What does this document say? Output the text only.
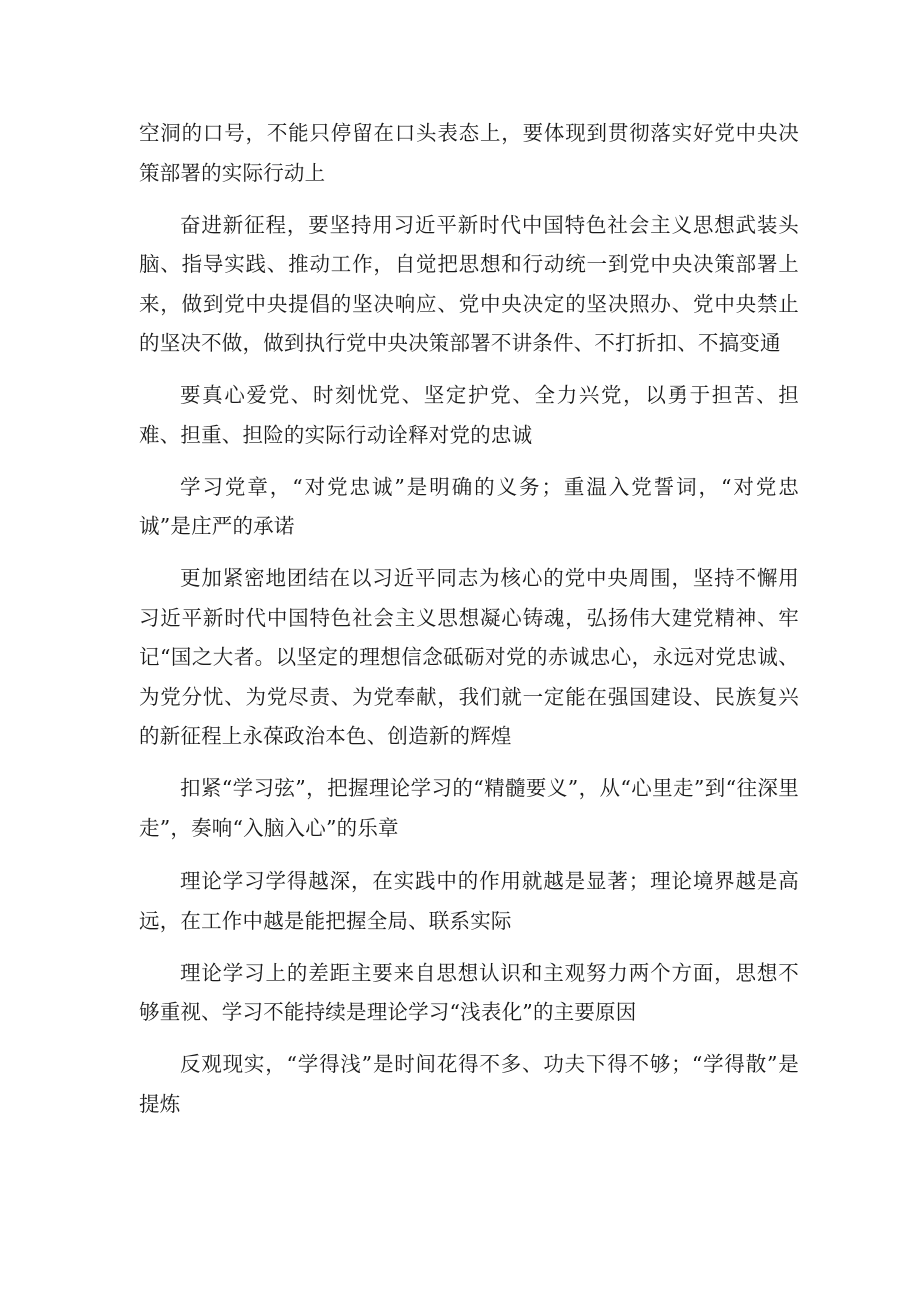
空洞的口号，不能只停留在口头表态上，要体现到贯彻落实好党中央决策部署的实际行动上

奋进新征程，要坚持用习近平新时代中国特色社会主义思想武装头脑、指导实践、推动工作，自觉把思想和行动统一到党中央决策部署上来，做到党中央提倡的坚决响应、党中央决定的坚决照办、党中央禁止的坚决不做，做到执行党中央决策部署不讲条件、不打折扣、不搞变通

要真心爱党、时刻忧党、坚定护党、全力兴党，以勇于担苦、担难、担重、担险的实际行动诠释对党的忠诚

学习党章，“对党忠诚”是明确的义务；重温入党誓词，“对党忠诚”是庄严的承诺

更加紧密地团结在以习近平同志为核心的党中央周围，坚持不懈用习近平新时代中国特色社会主义思想凝心铸魂，弘扬伟大建党精神、牢记“国之大者。以坚定的理想信念砥砺对党的赤诚忠心，永远对党忠诚、为党分忧、为党尽责、为党奉献，我们就一定能在强国建设、民族复兴的新征程上永葆政治本色、创造新的辉煌

扣紧“学习弦”，把握理论学习的“精髓要义”，从“心里走”到“往深里走”，奏响“入脑入心”的乐章

理论学习学得越深，在实践中的作用就越是显著；理论境界越是高远，在工作中越是能把握全局、联系实际

理论学习上的差距主要来自思想认识和主观努力两个方面，思想不够重视、学习不能持续是理论学习“浅表化”的主要原因

反观现实，“学得浅”是时间花得不多、功夫下得不够；“学得散”是提炼
